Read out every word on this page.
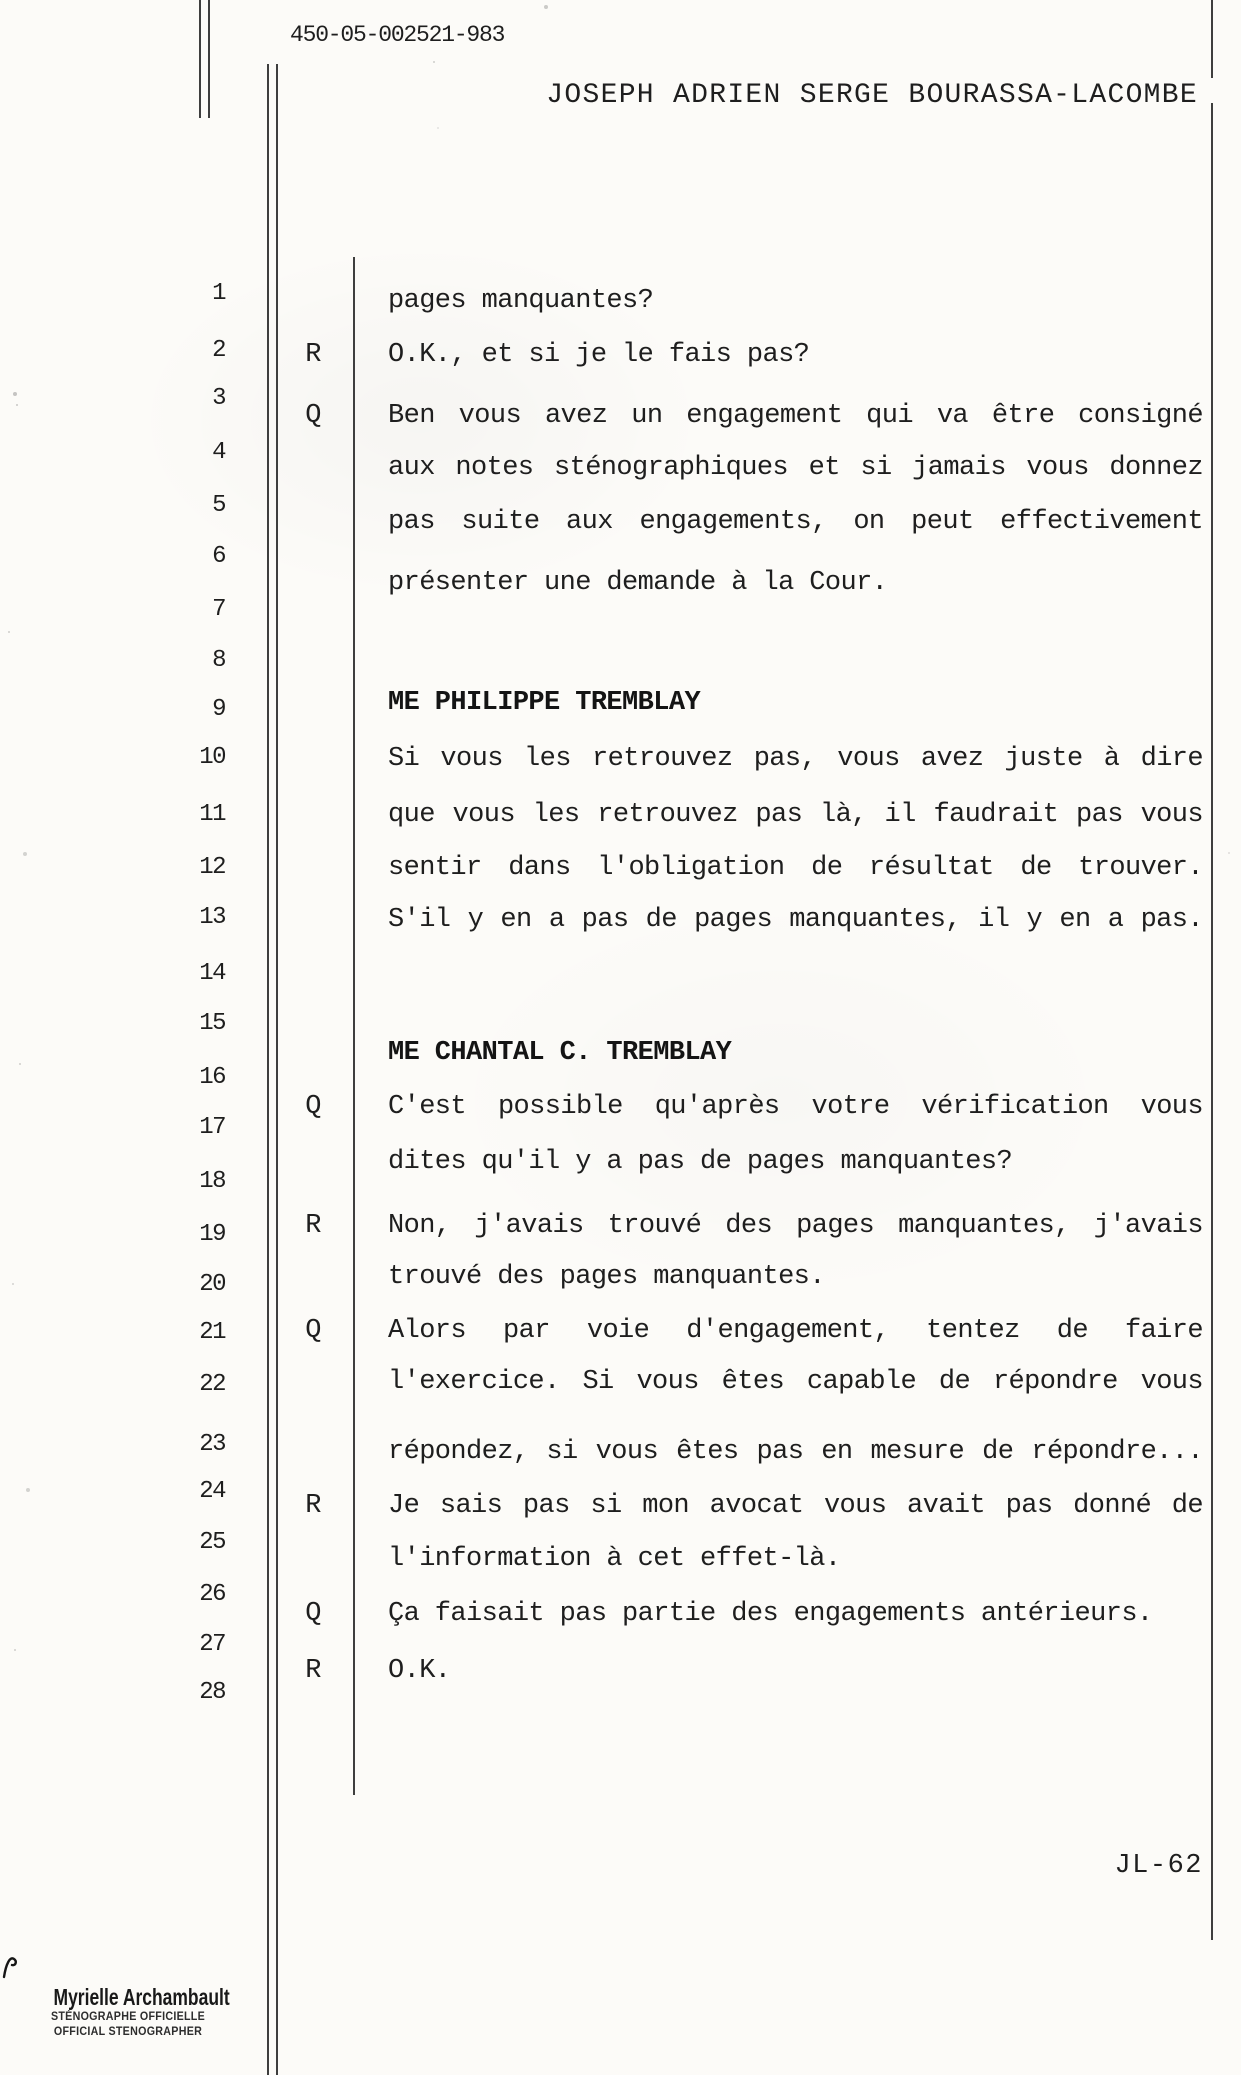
450-05-002521-983
JOSEPH ADRIEN SERGE BOURASSA-LACOMBE
1
2
3
4
5
6
7
8
9
10
11
12
13
14
15
16
17
18
19
20
21
22
23
24
25
26
27
28
pages manquantes?
R	O.K., et si je le fais pas?
Q	Ben vous avez un engagement qui va être consigné
aux notes sténographiques et si jamais vous donnez
pas suite aux engagements, on peut effectivement
présenter une demande à la Cour.
ME PHILIPPE TREMBLAY
Si vous les retrouvez pas, vous avez juste à dire
que vous les retrouvez pas là, il faudrait pas vous
sentir dans l'obligation de résultat de trouver.
S'il y en a pas de pages manquantes, il y en a pas.
ME CHANTAL C. TREMBLAY
Q	C'est possible qu'après votre vérification vous
dites qu'il y a pas de pages manquantes?
R	Non, j'avais trouvé des pages manquantes, j'avais
trouvé des pages manquantes.
Q	Alors par voie d'engagement, tentez de faire
l'exercice. Si vous êtes capable de répondre vous
répondez, si vous êtes pas en mesure de répondre...
R	Je sais pas si mon avocat vous avait pas donné de
l'information à cet effet-là.
Q	Ça faisait pas partie des engagements antérieurs.
R	O.K.
JL-62
Myrielle Archambault
STÉNOGRAPHE OFFICIELLE
OFFICIAL STENOGRAPHER
